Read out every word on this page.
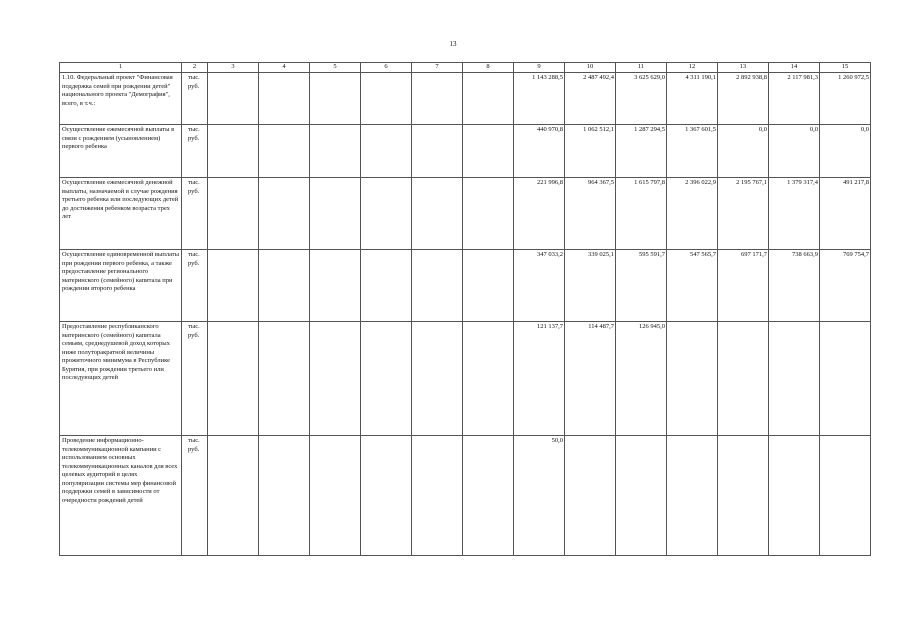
13
1	2	3	4	5	6	7	8	9	10	11	12	13	14	15
1.10. Федеральный проект "Финансовая поддержка семей при рождении детей" национального проекта "Демография", всего, в т.ч.:	тыс. руб.							1 143 288,5	2 487 492,4	3 625 629,0	4 311 190,1	2 892 938,8	2 117 981,3	1 260 972,5
Осуществление ежемесячной выплаты в связи с рождением (усыновлением) первого ребенка	тыс. руб.							440 970,8	1 062 512,1	1 287 294,5	1 367 601,5	0,0	0,0	0,0
Осуществление ежемесячной денежной выплаты, назначаемой в случае рождения третьего ребенка или последующих детей до достижения ребенком возраста трех лет	тыс. руб.							221 996,8	964 367,5	1 615 797,8	2 396 022,9	2 195 767,1	1 379 317,4	491 217,8
Осуществление единовременной выплаты при рождении первого ребенка, а также предоставление регионального материнского (семейного) капитала при рождении второго ребенка	тыс. руб.							347 033,2	339 025,1	595 591,7	547 565,7	697 171,7	738 663,9	769 754,7
Предоставление республиканского материнского (семейного) капитала семьям, среднедушевой доход которых ниже полуторакратной величины прожиточного минимума в Республике Бурятия, при рождении третьего или последующих детей	тыс. руб.							121 137,7	114 487,7	126 945,0				
Проведение информационно-телекоммуникационной кампании с использованием основных телекоммуникационных каналов для всех целевых аудиторий в целях популяризации системы мер финансовой поддержки семей в зависимости от очередности рождений детей	тыс. руб.							50,0						
